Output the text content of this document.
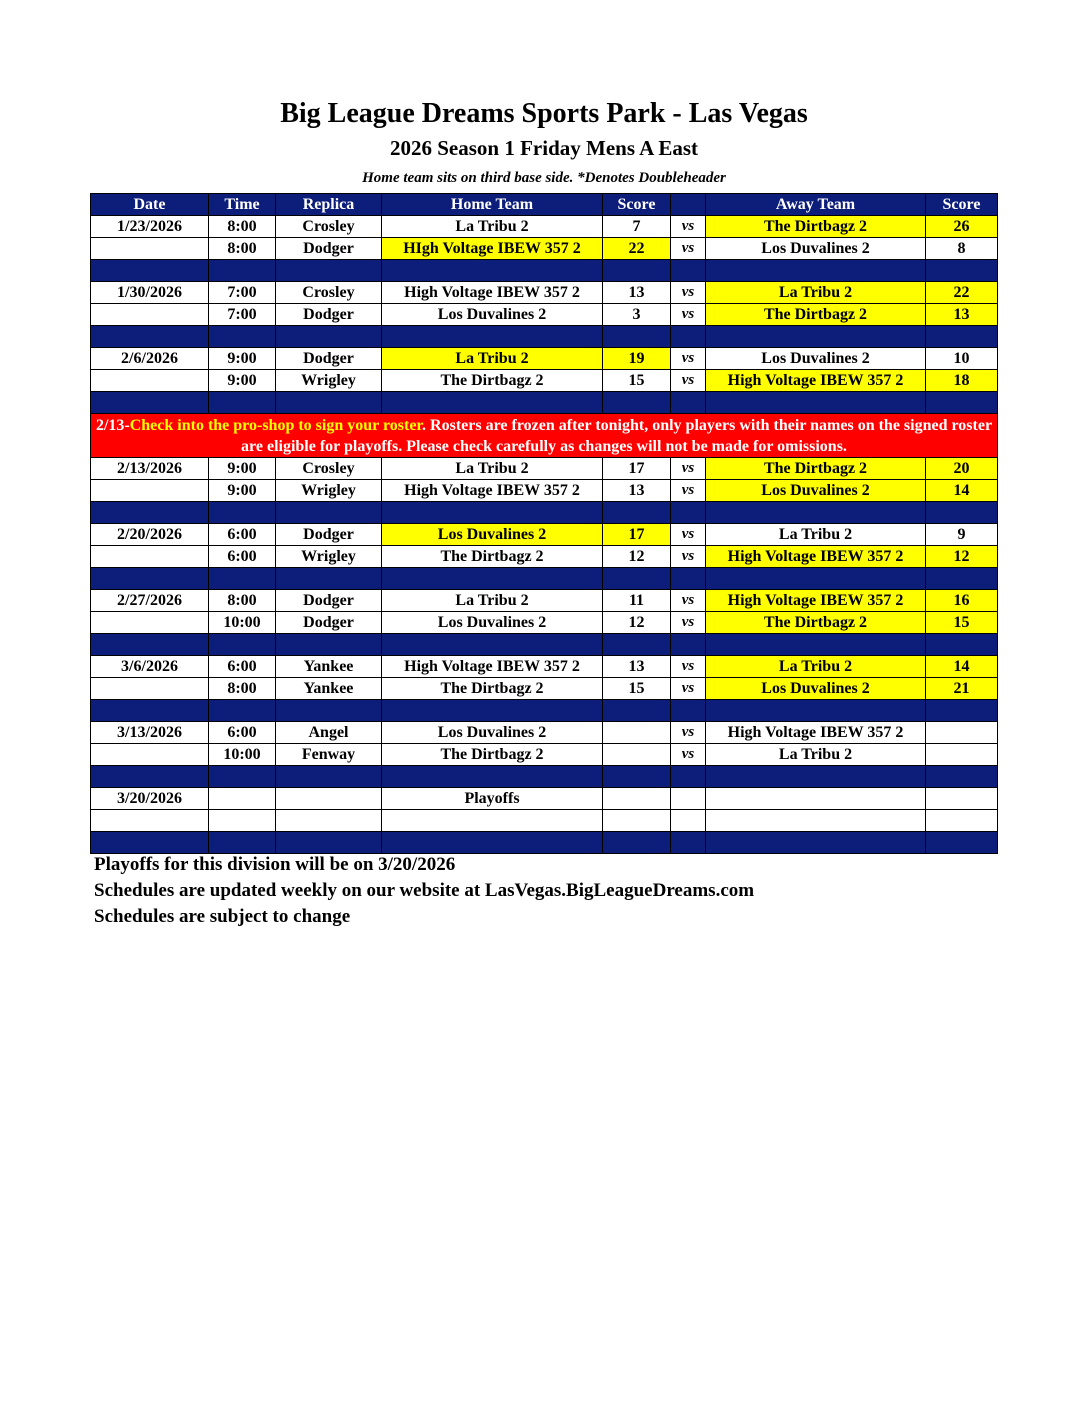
Big League Dreams Sports Park - Las Vegas
2026 Season 1 Friday Mens A East
Home team sits on third base side. *Denotes Doubleheader
Date	Time	Replica	Home Team	Score		Away Team	Score
1/23/2026	8:00	Crosley	La Tribu 2	7	vs	The Dirtbagz 2	26
	8:00	Dodger	HIgh Voltage IBEW 357 2	22	vs	Los Duvalines 2	8

1/30/2026	7:00	Crosley	High Voltage IBEW 357 2	13	vs	La Tribu 2	22
	7:00	Dodger	Los Duvalines 2	3	vs	The Dirtbagz 2	13

2/6/2026	9:00	Dodger	La Tribu 2	19	vs	Los Duvalines 2	10
	9:00	Wrigley	The Dirtbagz 2	15	vs	High Voltage IBEW 357 2	18

2/13-Check into the pro-shop to sign your roster. Rosters are frozen after tonight, only players with their names on the signed roster are eligible for playoffs. Please check carefully as changes will not be made for omissions.							
2/13/2026	9:00	Crosley	La Tribu 2	17	vs	The Dirtbagz 2	20
	9:00	Wrigley	High Voltage IBEW 357 2	13	vs	Los Duvalines 2	14

2/20/2026	6:00	Dodger	Los Duvalines 2	17	vs	La Tribu 2	9
	6:00	Wrigley	The Dirtbagz 2	12	vs	High Voltage IBEW 357 2	12

2/27/2026	8:00	Dodger	La Tribu 2	11	vs	High Voltage IBEW 357 2	16
	10:00	Dodger	Los Duvalines 2	12	vs	The Dirtbagz 2	15

3/6/2026	6:00	Yankee	High Voltage IBEW 357 2	13	vs	La Tribu 2	14
	8:00	Yankee	The Dirtbagz 2	15	vs	Los Duvalines 2	21

3/13/2026	6:00	Angel	Los Duvalines 2		vs	High Voltage IBEW 357 2	
	10:00	Fenway	The Dirtbagz 2		vs	La Tribu 2	

3/20/2026			Playoffs				

Playoffs for this division will be on 3/20/2026
Schedules are updated weekly on our website at LasVegas.BigLeagueDreams.com
Schedules are subject to change
